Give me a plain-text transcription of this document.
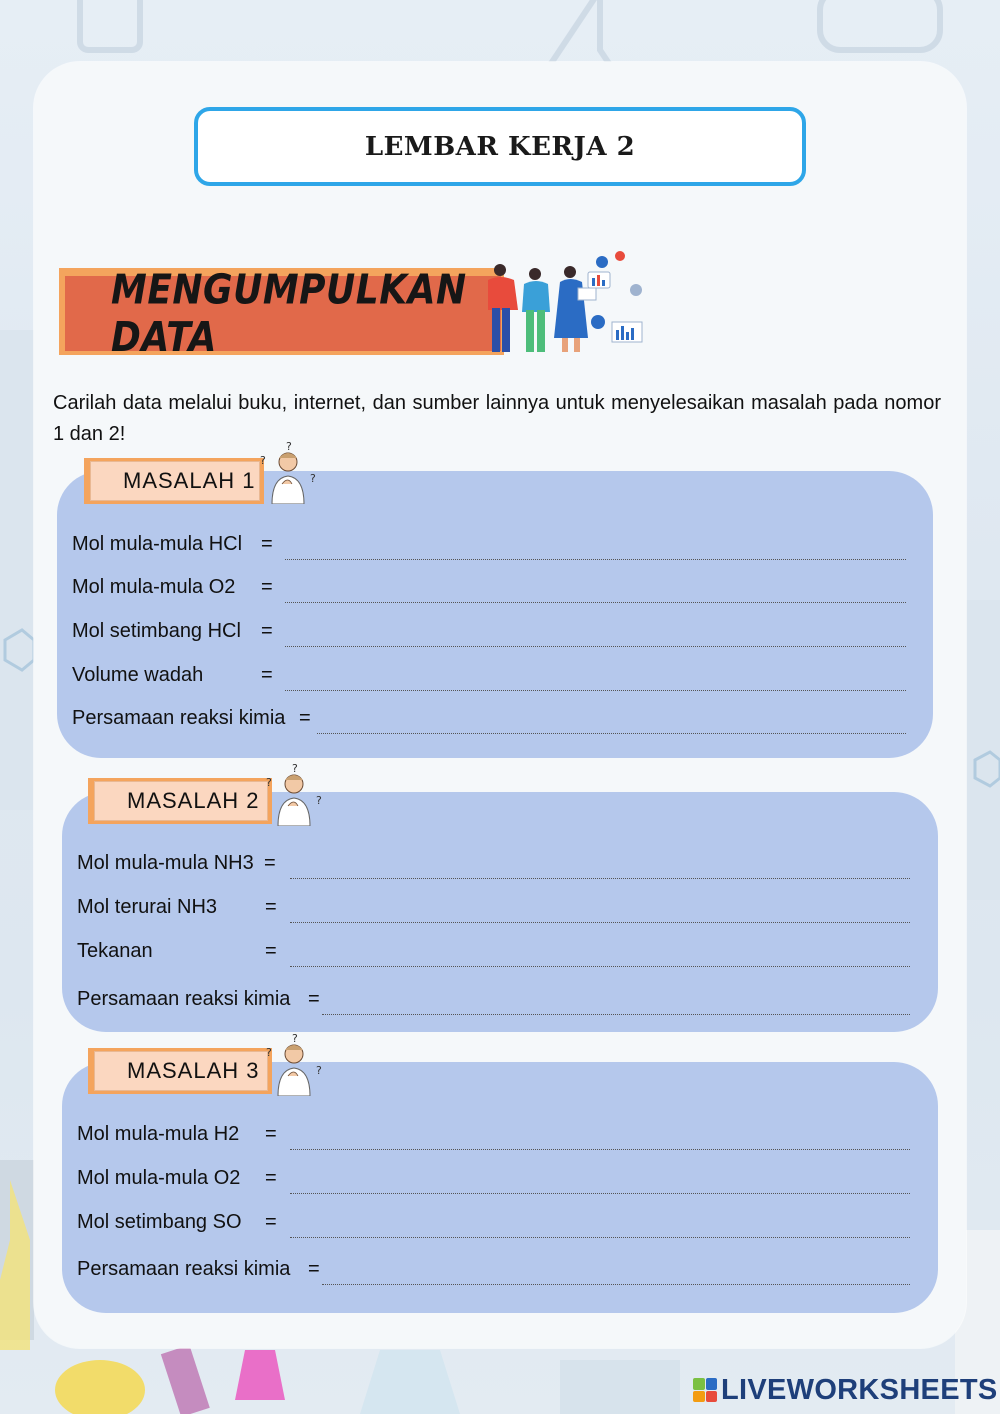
LEMBAR KERJA 2
MENGUMPULKAN DATA

Carilah data melalui buku, internet, dan sumber lainnya untuk menyelesaikan masalah pada nomor 1 dan 2!

MASALAH 1
?
?
?
Mol mula-mula HCl =
Mol mula-mula O2 =
Mol setimbang HCl =
Volume wadah	=
Persamaan reaksi kimia =
MASALAH 2
?
?
?
Mol mula-mula NH3 =
Mol terurai NH3 =
Tekanan	=
Persamaan reaksi kimia =
MASALAH 3
?
?
?
Mol mula-mula H2 =
Mol mula-mula O2 =
Mol setimbang SO =
Persamaan reaksi kimia =
LIVEWORKSHEETS
